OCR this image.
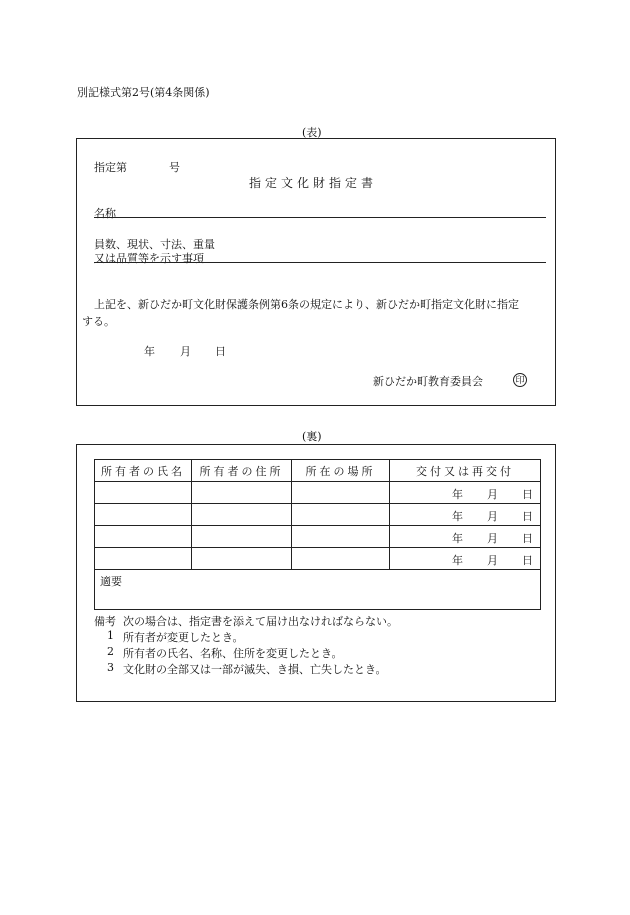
別記様式第2号(第4条関係)
(表)
指定第	号
指定文化財指定書
名称
員数、現状、寸法、重量
又は品質等を示す事項
上記を、新ひだか町文化財保護条例第6条の規定により、新ひだか町指定文化財に指定
する。
年 月 日
新ひだか町教育委員会	印
(裏)
所有者の氏名	所有者の住所	所在の場所	交付又は再交付

			年 月 日

			年 月 日

			年 月 日

			年 月 日

適要			
備考 次の場合は、指定書を添えて届け出なければならない。
1 所有者が変更したとき。
2 所有者の氏名、名称、住所を変更したとき。
3 文化財の全部又は一部が滅失、き損、亡失したとき。
